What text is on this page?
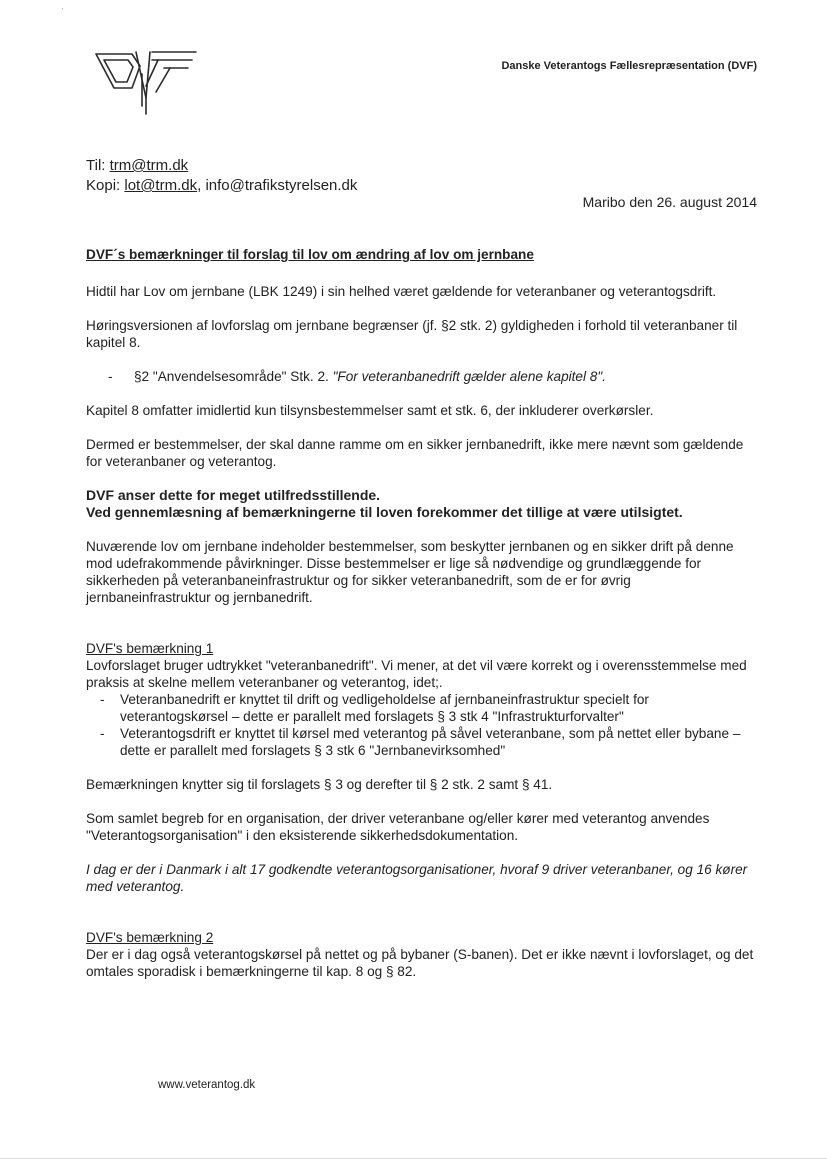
Danske Veterantogs Fællesrepræsentation (DVF)
Til: trm@trm.dk
Kopi: lot@trm.dk, info@trafikstyrelsen.dk
Maribo den 26. august 2014

DVF´s bemærkninger til forslag til lov om ændring af lov om jernbane

Hidtil har Lov om jernbane (LBK 1249) i sin helhed været gældende for veteranbaner og veterantogsdrift.

Høringsversionen af lovforslag om jernbane begrænser (jf. §2 stk. 2) gyldigheden i forhold til veteranbaner til kapitel 8.

- §2 "Anvendelsesområde" Stk. 2. "For veteranbanedrift gælder alene kapitel 8".

Kapitel 8 omfatter imidlertid kun tilsynsbestemmelser samt et stk. 6, der inkluderer overkørsler.

Dermed er bestemmelser, der skal danne ramme om en sikker jernbanedrift, ikke mere nævnt som gældende for veteranbaner og veterantog.

DVF anser dette for meget utilfredsstillende.

Ved gennemlæsning af bemærkningerne til loven forekommer det tillige at være utilsigtet.

Nuværende lov om jernbane indeholder bestemmelser, som beskytter jernbanen og en sikker drift på denne mod udefrakommende påvirkninger. Disse bestemmelser er lige så nødvendige og grundlæggende for sikkerheden på veteranbaneinfrastruktur og for sikker veteranbanedrift, som de er for øvrig jernbaneinfrastruktur og jernbanedrift.

DVF's bemærkning 1

Lovforslaget bruger udtrykket "veteranbanedrift". Vi mener, at det vil være korrekt og i overensstemmelse med praksis at skelne mellem veteranbaner og veterantog, idet;.

- Veteranbanedrift er knyttet til drift og vedligeholdelse af jernbaneinfrastruktur specielt for veterantogskørsel – dette er parallelt med forslagets § 3 stk 4 "Infrastrukturforvalter"
- Veterantogsdrift er knyttet til kørsel med veterantog på såvel veteranbane, som på nettet eller bybane – dette er parallelt med forslagets § 3 stk 6 "Jernbanevirksomhed"

Bemærkningen knytter sig til forslagets § 3 og derefter til § 2 stk. 2 samt § 41.

Som samlet begreb for en organisation, der driver veteranbane og/eller kører med veterantog anvendes "Veterantogsorganisation" i den eksisterende sikkerhedsdokumentation.

I dag er der i Danmark i alt 17 godkendte veterantogsorganisationer, hvoraf 9 driver veteranbaner, og 16 kører med veterantog.

DVF's bemærkning 2

Der er i dag også veterantogskørsel på nettet og på bybaner (S-banen). Det er ikke nævnt i lovforslaget, og det omtales sporadisk i bemærkningerne til kap. 8 og § 82.

www.veterantog.dk
